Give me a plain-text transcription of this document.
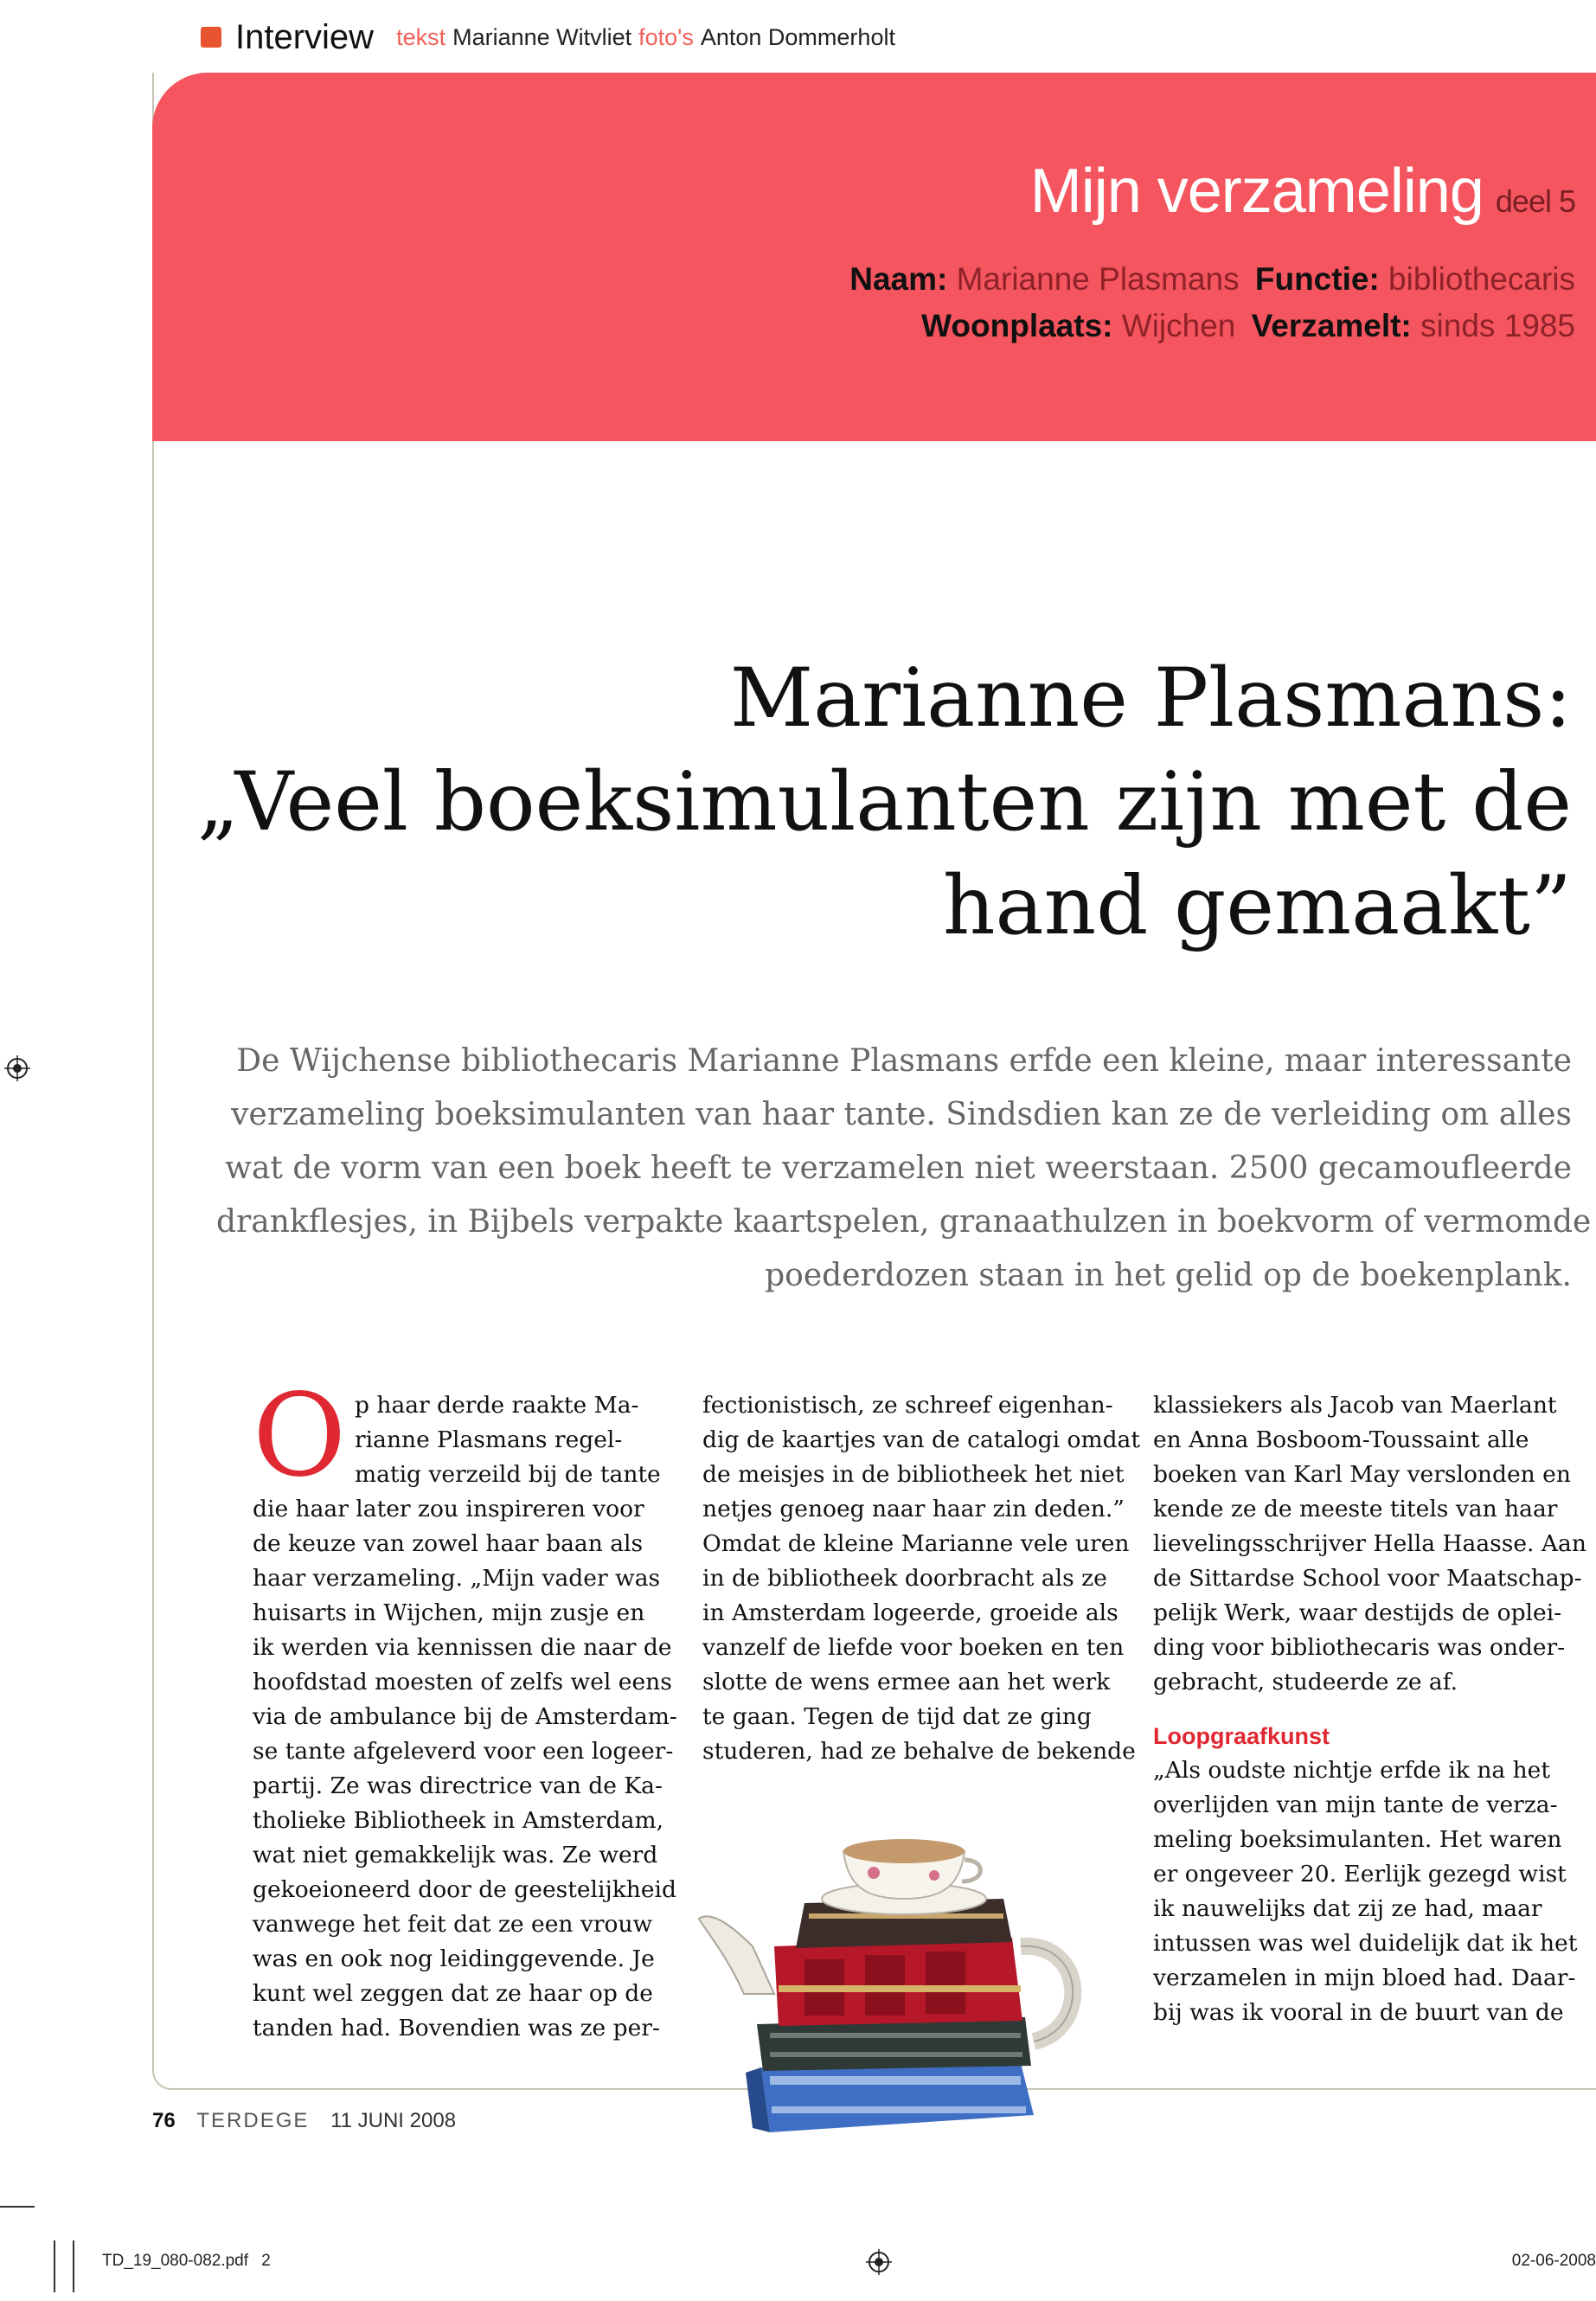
Interview tekst Marianne Witvliet foto's Anton Dommerholt
Mijn verzameling deel 5
Naam: Marianne Plasmans Functie: bibliothecaris
Woonplaats: Wijchen Verzamelt: sinds 1985
Marianne Plasmans:
„Veel boeksimulanten zijn met de
hand gemaakt”
De Wijchense bibliothecaris Marianne Plasmans erfde een kleine, maar interessante
verzameling boeksimulanten van haar tante. Sindsdien kan ze de verleiding om alles
wat de vorm van een boek heeft te verzamelen niet weerstaan. 2500 gecamoufleerde
drankflesjes, in Bijbels verpakte kaartspelen, granaathulzen in boekvorm of vermomde
poederdozen staan in het gelid op de boekenplank.
O p haar derde raakte Ma-
rianne Plasmans regel-
matig verzeild bij de tante
die haar later zou inspireren voor
de keuze van zowel haar baan als
haar verzameling. „Mijn vader was
huisarts in Wijchen, mijn zusje en
ik werden via kennissen die naar de
hoofdstad moesten of zelfs wel eens
via de ambulance bij de Amsterdam-
se tante afgeleverd voor een logeer-
partij. Ze was directrice van de Ka-
tholieke Bibliotheek in Amsterdam,
wat niet gemakkelijk was. Ze werd
gekoeioneerd door de geestelijkheid
vanwege het feit dat ze een vrouw
was en ook nog leidinggevende. Je
kunt wel zeggen dat ze haar op de
tanden had. Bovendien was ze per-
fectionistisch, ze schreef eigenhan-
dig de kaartjes van de catalogi omdat
de meisjes in de bibliotheek het niet
netjes genoeg naar haar zin deden.”
Omdat de kleine Marianne vele uren
in de bibliotheek doorbracht als ze
in Amsterdam logeerde, groeide als
vanzelf de liefde voor boeken en ten
slotte de wens ermee aan het werk
te gaan. Tegen de tijd dat ze ging
studeren, had ze behalve de bekende
klassiekers als Jacob van Maerlant
en Anna Bosboom-Toussaint alle
boeken van Karl May verslonden en
kende ze de meeste titels van haar
lievelingsschrijver Hella Haasse. Aan
de Sittardse School voor Maatschap-
pelijk Werk, waar destijds de oplei-
ding voor bibliothecaris was onder-
gebracht, studeerde ze af.
Loopgraafkunst
„Als oudste nichtje erfde ik na het
overlijden van mijn tante de verza-
meling boeksimulanten. Het waren
er ongeveer 20. Eerlijk gezegd wist
ik nauwelijks dat zij ze had, maar
intussen was wel duidelijk dat ik het
verzamelen in mijn bloed had. Daar-
bij was ik vooral in de buurt van de
76 TERDEGE 11 JUNI 2008
TD_19_080-082.pdf 2	02-06-2008
